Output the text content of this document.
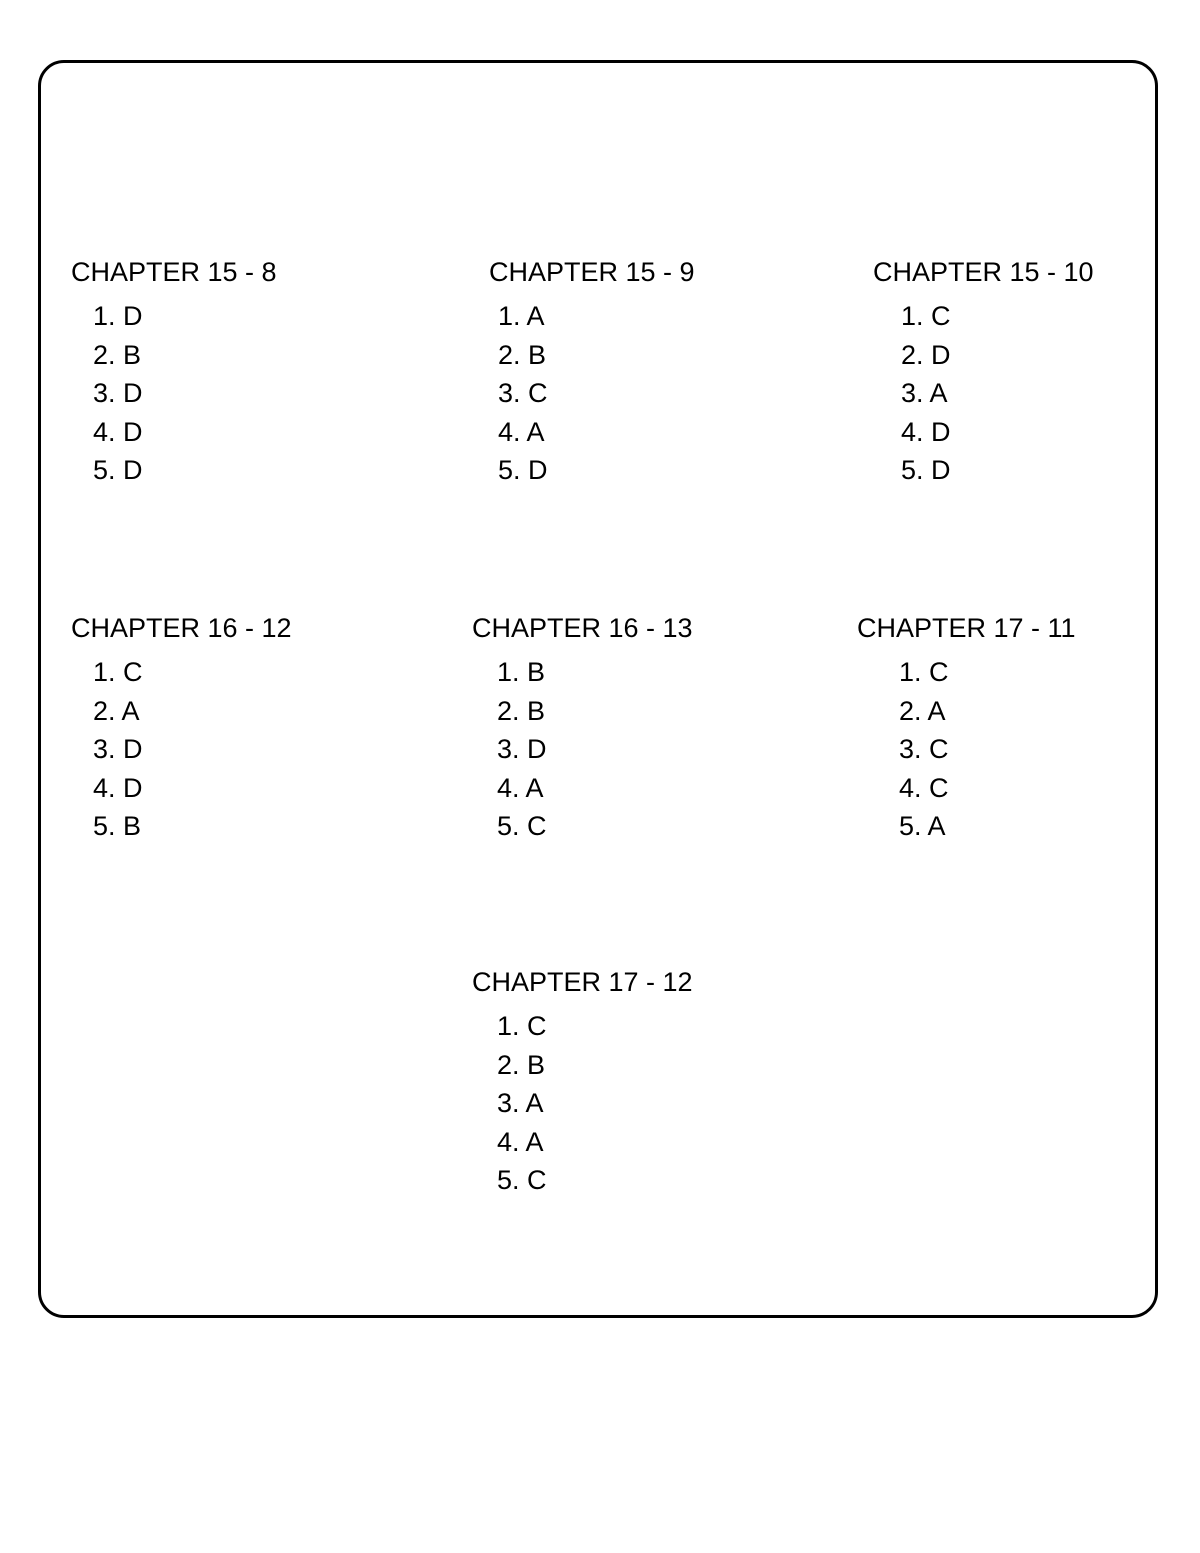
CHAPTER 15 - 8
1. D
2. B
3. D
4. D
5. D
CHAPTER 15 - 9
1. A
2. B
3. C
4. A
5. D
CHAPTER 15 - 10
1. C
2. D
3. A
4. D
5. D
CHAPTER 16 - 12
1. C
2. A
3. D
4. D
5. B
CHAPTER 16 - 13
1. B
2. B
3. D
4. A
5. C
CHAPTER 17 - 11
1. C
2. A
3. C
4. C
5. A
CHAPTER 17 - 12
1. C
2. B
3. A
4. A
5. C
